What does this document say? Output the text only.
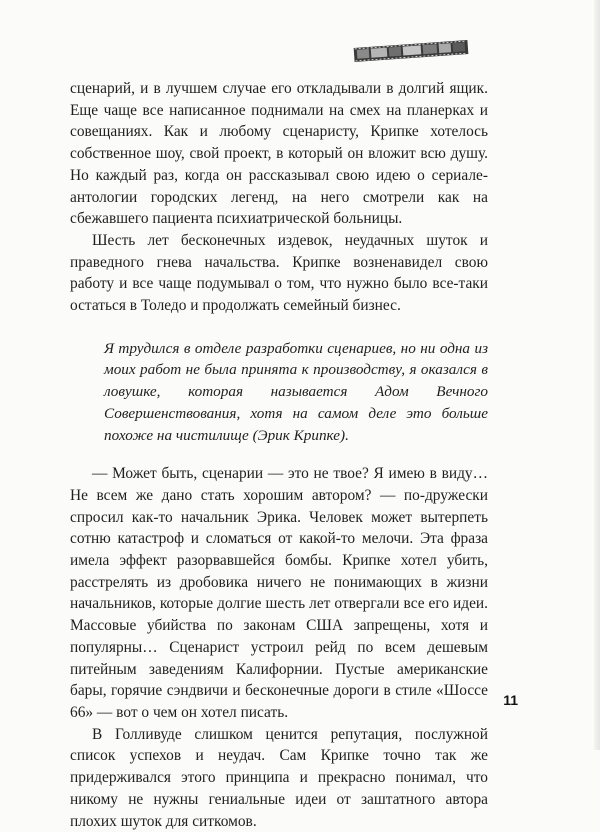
сценарий, и в лучшем случае его откладывали в долгий ящик. Еще чаще все написанное поднимали на смех на планерках и совещаниях. Как и любому сценаристу, Крипке хотелось собственное шоу, свой проект, в который он вложит всю душу. Но каждый раз, когда он рассказывал свою идею о сериале-антологии городских легенд, на него смотрели как на сбежавшего пациента психиатрической больницы.

Шесть лет бесконечных издевок, неудачных шуток и праведного гнева начальства. Крипке возненавидел свою работу и все чаще подумывал о том, что нужно было все-таки остаться в Толедо и продолжать семейный бизнес.

Я трудился в отделе разработки сценариев, но ни одна из моих работ не была принята к производству, я оказался в ловушке, которая называется Адом Вечного Совершенствования, хотя на самом деле это больше похоже на чистилище (Эрик Крипке).

— Может быть, сценарии — это не твое? Я имею в виду… Не всем же дано стать хорошим автором? — по-дружески спросил как-то начальник Эрика. Человек может вытерпеть сотню катастроф и сломаться от какой-то мелочи. Эта фраза имела эффект разорвавшейся бомбы. Крипке хотел убить, расстрелять из дробовика ничего не понимающих в жизни начальников, которые долгие шесть лет отвергали все его идеи. Массовые убийства по законам США запрещены, хотя и популярны… Сценарист устроил рейд по всем дешевым питейным заведениям Калифорнии. Пустые американские бары, горячие сэндвичи и бесконечные дороги в стиле «Шоссе 66» — вот о чем он хотел писать.

В Голливуде слишком ценится репутация, послужной список успехов и неудач. Сам Крипке точно так же придерживался этого принципа и прекрасно понимал, что никому не нужны гениальные идеи от заштатного автора плохих шуток для ситкомов.

11
